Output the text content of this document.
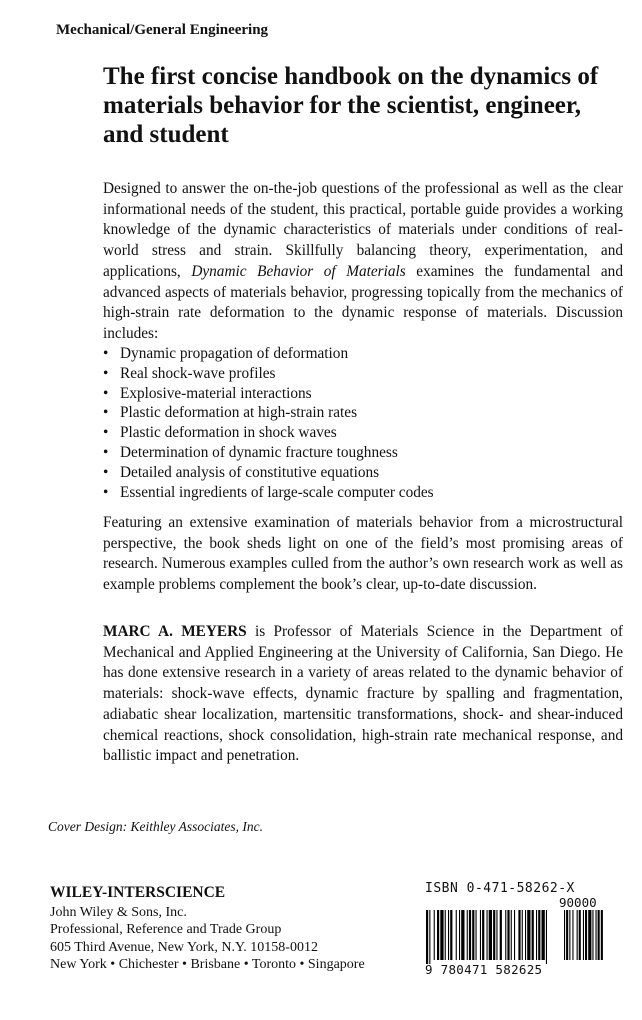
Mechanical/General Engineering
The first concise handbook on the dynamics of materials behavior for the scientist, engineer, and student
Designed to answer the on-the-job questions of the professional as well as the clear informational needs of the student, this practical, portable guide provides a working knowledge of the dynamic characteristics of materials under conditions of real-world stress and strain. Skillfully balancing theory, experimentation, and applications, Dynamic Behavior of Materials examines the fundamental and advanced aspects of materials behavior, progressing topically from the mechanics of high-strain rate deformation to the dynamic response of materials. Discussion includes:
• Dynamic propagation of deformation
• Real shock-wave profiles
• Explosive-material interactions
• Plastic deformation at high-strain rates
• Plastic deformation in shock waves
• Determination of dynamic fracture toughness
• Detailed analysis of constitutive equations
• Essential ingredients of large-scale computer codes
Featuring an extensive examination of materials behavior from a microstructural perspective, the book sheds light on one of the field’s most promising areas of research. Numerous examples culled from the author’s own research work as well as example problems complement the book’s clear, up-to-date discussion.
MARC A. MEYERS is Professor of Materials Science in the Department of Mechanical and Applied Engineering at the University of California, San Diego. He has done extensive research in a variety of areas related to the dynamic behavior of materials: shock-wave effects, dynamic fracture by spalling and fragmentation, adiabatic shear localization, martensitic transformations, shock- and shear-induced chemical reactions, shock consolidation, high-strain rate mechanical response, and ballistic impact and penetration.
Cover Design: Keithley Associates, Inc.
WILEY-INTERSCIENCE
John Wiley & Sons, Inc.
Professional, Reference and Trade Group
605 Third Avenue, New York, N.Y. 10158-0012
New York • Chichester • Brisbane • Toronto • Singapore
ISBN 0-471-58262-X
90000
9 780471 582625
